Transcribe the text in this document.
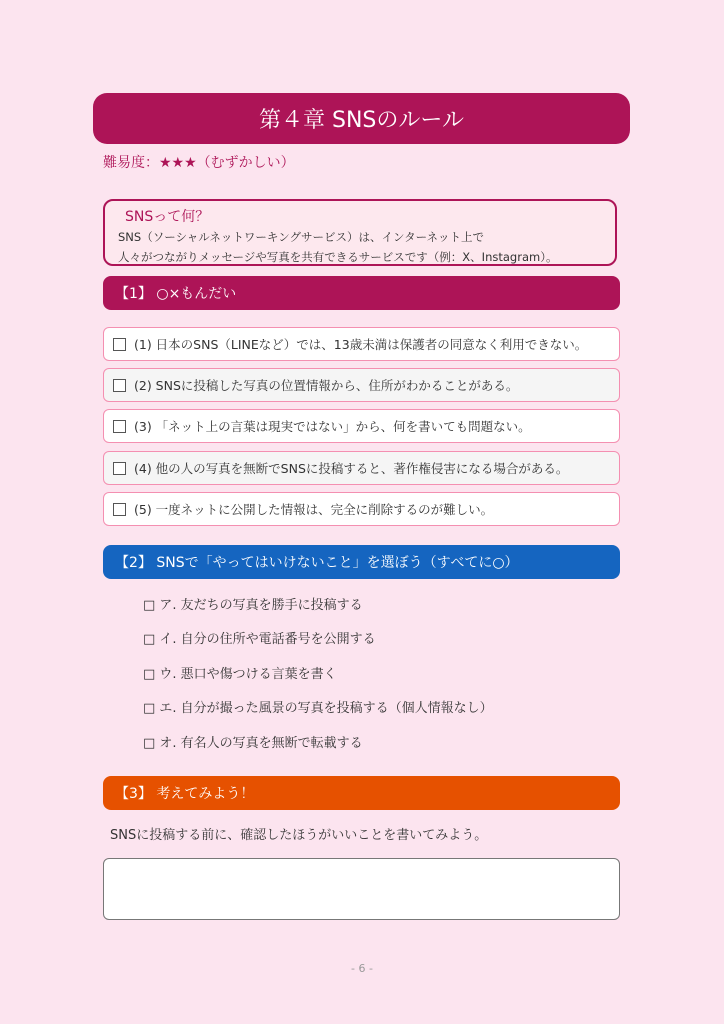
第４章 SNSのルール
難易度：★★★（むずかしい）
SNSって何？
SNS（ソーシャルネットワーキングサービス）は、インターネット上で
人々がつながりメッセージや写真を共有できるサービスです（例：X、Instagram）。
【1】 ○×もんだい
(1) 日本のSNS（LINEなど）では、13歳未満は保護者の同意なく利用できない。
(2) SNSに投稿した写真の位置情報から、住所がわかることがある。
(3) 「ネット上の言葉は現実ではない」から、何を書いても問題ない。
(4) 他の人の写真を無断でSNSに投稿すると、著作権侵害になる場合がある。
(5) 一度ネットに公開した情報は、完全に削除するのが難しい。
【2】 SNSで「やってはいけないこと」を選ぼう（すべてに○）
□ ア. 友だちの写真を勝手に投稿する
□ イ. 自分の住所や電話番号を公開する
□ ウ. 悪口や傷つける言葉を書く
□ エ. 自分が撮った風景の写真を投稿する（個人情報なし）
□ オ. 有名人の写真を無断で転載する
【3】 考えてみよう！
SNSに投稿する前に、確認したほうがいいことを書いてみよう。
- 6 -
